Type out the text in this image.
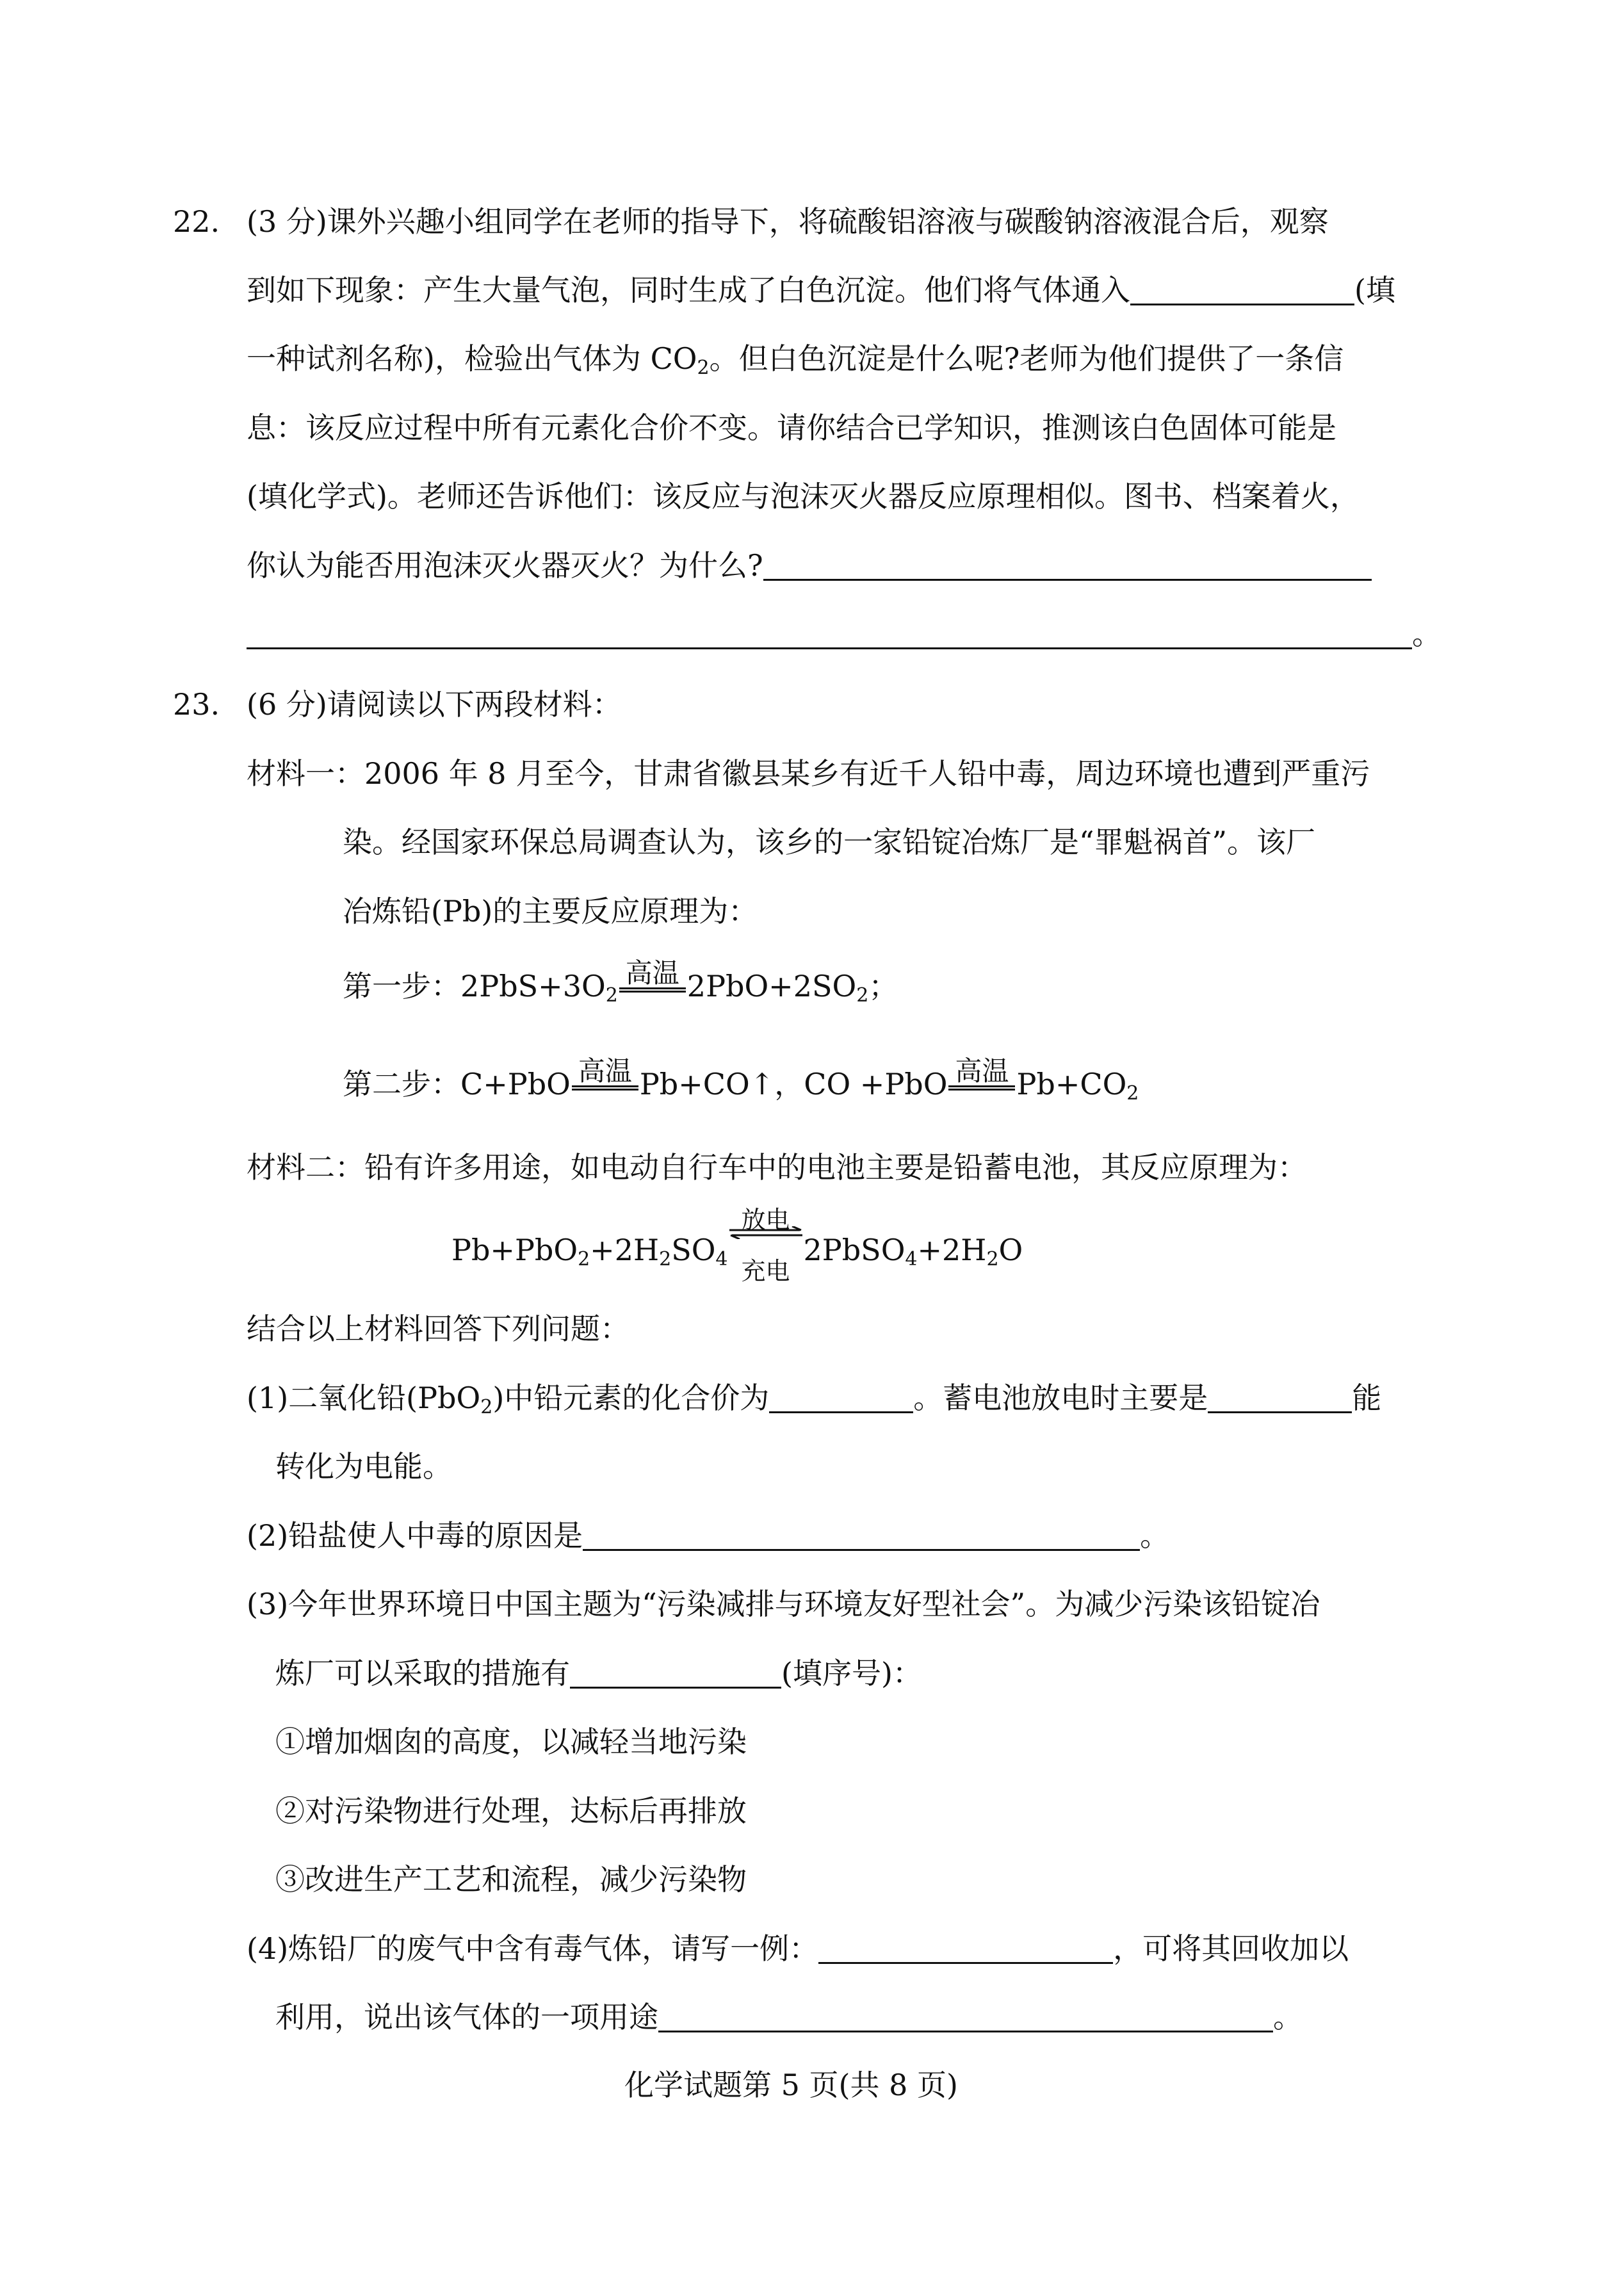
22. (3 分)课外兴趣小组同学在老师的指导下，将硫酸铝溶液与碳酸钠溶液混合后，观察
到如下现象：产生大量气泡，同时生成了白色沉淀。他们将气体通入	(填
一种试剂名称)，检验出气体为 $CO_2$。但白色沉淀是什么呢?老师为他们提供了一条信
息：该反应过程中所有元素化合价不变。请你结合已学知识，推测该白色固体可能是
(填化学式)。老师还告诉他们：该反应与泡沫灭火器反应原理相似。图书、档案着火，
你认为能否用泡沫灭火器灭火？为什么?
。
23. (6 分)请阅读以下两段材料：
材料一：2006 年 8 月至今，甘肃省徽县某乡有近千人铅中毒，周边环境也遭到严重污
染。经国家环保总局调查认为，该乡的一家铅锭冶炼厂是“罪魁祸首”。该厂
冶炼铅(Pb)的主要反应原理为：
第一步：$2PbS+3O_2$
高温 $2PbO+2SO_2$；
第二步：C+PbO 高温 Pb+CO↑，CO +PbO 高温 $Pb+CO_2$
材料二：铅有许多用途，如电动自行车中的电池主要是铅蓄电池，其反应原理为：
$Pb+PbO_2+2H_2SO_4$
放电
充电
$2PbSO_4+2H_2O$
结合以上材料回答下列问题：
(1)二氧化铅(PbO$_2$)中铅元素的化合价为	。蓄电池放电时主要是	能
转化为电能。
(2)铅盐使人中毒的原因是	。
(3)今年世界环境日中国主题为“污染减排与环境友好型社会”。为减少污染该铅锭冶
炼厂可以采取的措施有	(填序号)：
①增加烟囱的高度，以减轻当地污染
②对污染物进行处理，达标后再排放
③改进生产工艺和流程，减少污染物
(4)炼铅厂的废气中含有毒气体，请写一例：	，可将其回收加以
利用，说出该气体的一项用途	。
化学试题第 5 页(共 8 页)
